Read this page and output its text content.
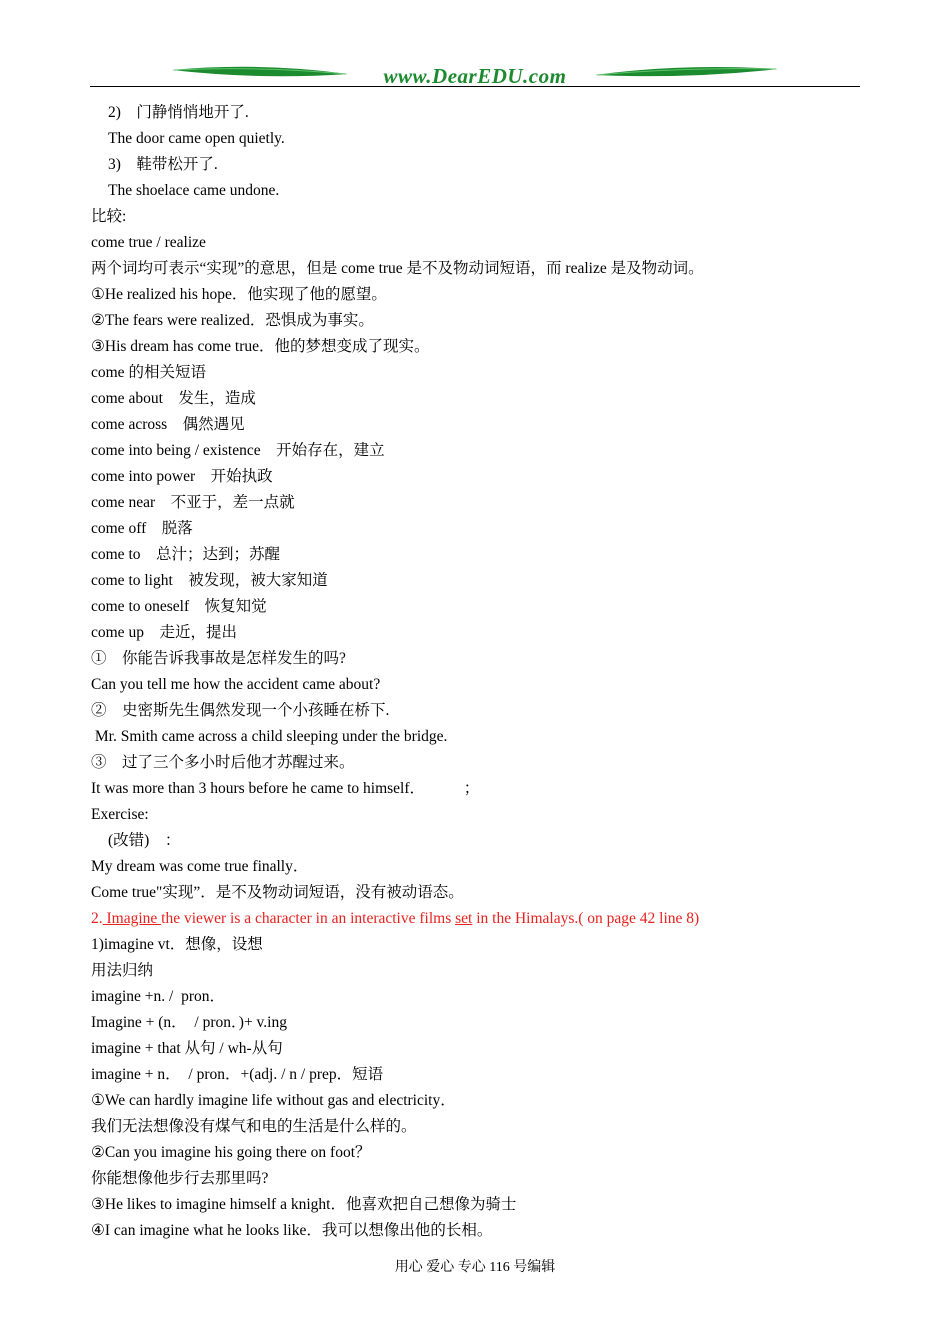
www.DearEDU.com
2)　门静悄悄地开了.
The door came open quietly.
3)　鞋带松开了.
The shoelace came undone.
比较:
come true / realize
两个词均可表示“实现”的意思，但是 come true 是不及物动词短语，而 realize 是及物动词。
①He realized his hope．他实现了他的愿望。
②The fears were realized．恐惧成为事实。
③His dream has come true．他的梦想变成了现实。
come 的相关短语
come about　发生，造成
come across　偶然遇见
come into being / existence　开始存在，建立
come into power　开始执政
come near　不亚于，差一点就
come off　脱落
come to　总汁；达到；苏醒
come to light　被发现，被大家知道
come to oneself　恢复知觉
come up　走近，提出
①　你能告诉我事故是怎样发生的吗?
Can you tell me how the accident came about?
②　史密斯先生偶然发现一个小孩睡在桥下.
Mr. Smith came across a child sleeping under the bridge.
③　过了三个多小时后他才苏醒过来。
It was more than 3 hours before he came to himself．　　　；
Exercise:
(改错)　：
My dream was come true finally．
Come true"实现”．是不及物动词短语，没有被动语态。
2. Imagine the viewer is a character in an interactive films set in the Himalays.( on page 42 line 8)
1)imagine vt．想像，设想
用法归纳
imagine +n. /  pron．
Imagine + (n．  / pron．)+ v.ing
imagine + that 从句 / wh-从句
imagine + n．  / pron．+(adj. / n / prep．短语
①We can hardly imagine life without gas and electricity．
我们无法想像没有煤气和电的生活是什么样的。
②Can you imagine his going there on foot？
你能想像他步行去那里吗?
③He likes to imagine himself a knight．他喜欢把自己想像为骑士
④I can imagine what he looks like．我可以想像出他的长相。
用心 爱心 专心 116 号编辑
